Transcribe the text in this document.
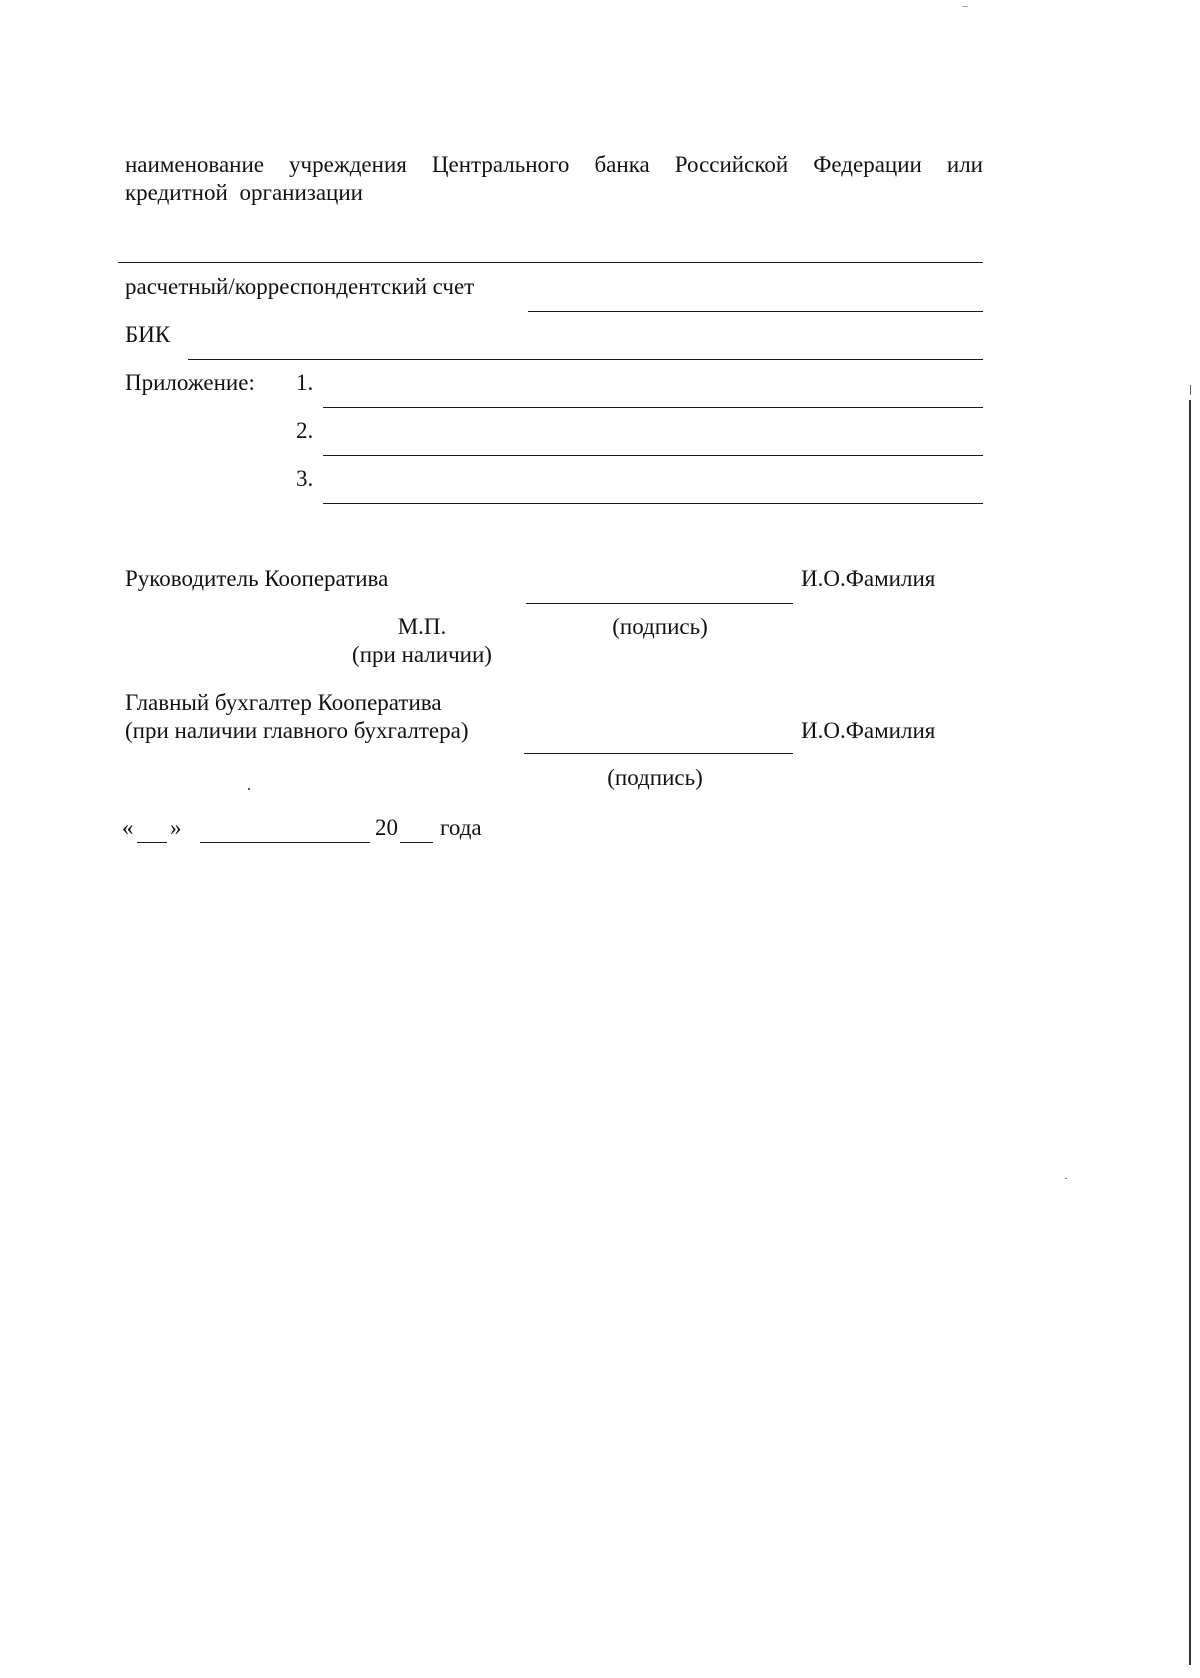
наименование учреждения Центрального банка Российской Федерации или кредитной организации
расчетный/корреспондентский счет
БИК
Приложение: 1.
2.
3.
Руководитель Кооператива	И.О.Фамилия
М.П.
(при наличии)
(подпись)
Главный бухгалтер Кооператива
(при наличии главного бухгалтера)	И.О.Фамилия
(подпись)
« »	20 года
